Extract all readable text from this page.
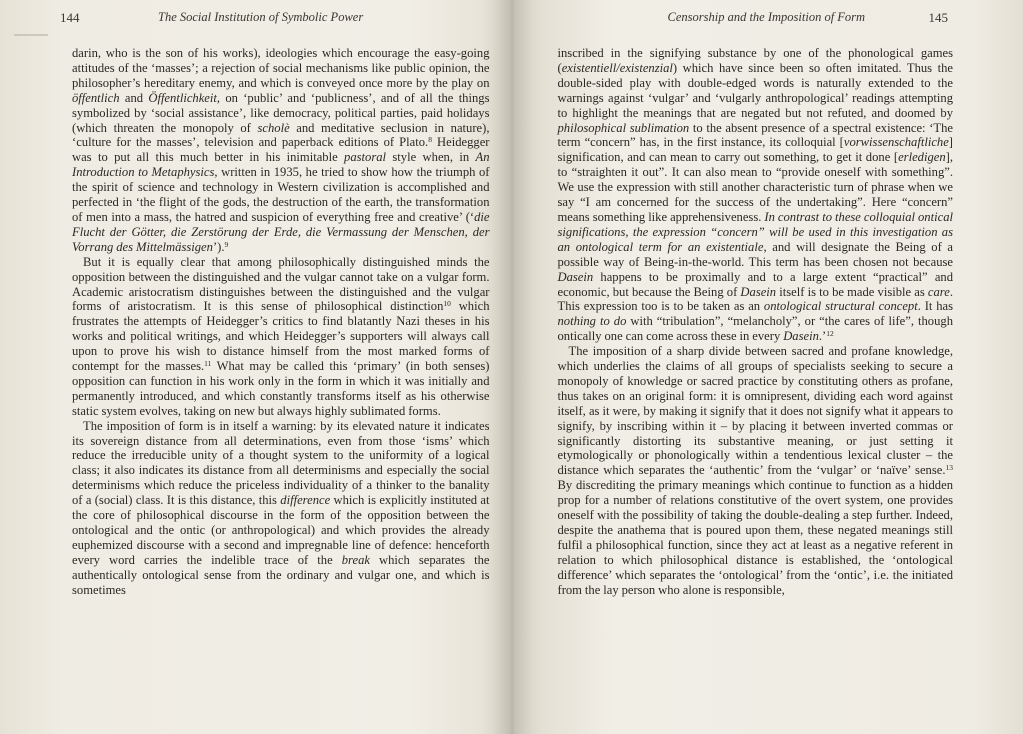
144	The Social Institution of Symbolic Power

darin, who is the son of his works), ideologies which encourage the easy-going attitudes of the ‘masses’; a rejection of social mechanisms like public opinion, the philosopher’s hereditary enemy, and which is conveyed once more by the play on öffentlich and Öffentlichkeit, on ‘public’ and ‘publicness’, and of all the things symbolized by ‘social assistance’, like democracy, political parties, paid holidays (which threaten the monopoly of scholè and meditative seclusion in nature), ‘culture for the masses’, television and paperback editions of Plato.$^8$ Heidegger was to put all this much better in his inimitable pastoral style when, in An Introduction to Metaphysics, written in 1935, he tried to show how the triumph of the spirit of science and technology in Western civilization is accomplished and perfected in ‘the flight of the gods, the destruction of the earth, the transformation of men into a mass, the hatred and suspicion of everything free and creative’ (‘die Flucht der Götter, die Zerstörung der Erde, die Vermassung der Menschen, der Vorrang des Mittelmässigen’).$^9$

But it is equally clear that among philosophically distinguished minds the opposition between the distinguished and the vulgar cannot take on a vulgar form. Academic aristocratism distinguishes between the distinguished and the vulgar forms of aristocratism. It is this sense of philosophical distinction$^{10}$ which frustrates the attempts of Heidegger’s critics to find blatantly Nazi theses in his works and political writings, and which Heidegger’s supporters will always call upon to prove his wish to distance himself from the most marked forms of contempt for the masses.$^{11}$ What may be called this ‘primary’ (in both senses) opposition can function in his work only in the form in which it was initially and permanently introduced, and which constantly transforms itself as his otherwise static system evolves, taking on new but always highly sublimated forms.

The imposition of form is in itself a warning: by its elevated nature it indicates its sovereign distance from all determinations, even from those ‘isms’ which reduce the irreducible unity of a thought system to the uniformity of a logical class; it also indicates its distance from all determinisms and especially the social determinisms which reduce the priceless individuality of a thinker to the banality of a (social) class. It is this distance, this difference which is explicitly instituted at the core of philosophical discourse in the form of the opposition between the ontological and the ontic (or anthropological) and which provides the already euphemized discourse with a second and impregnable line of defence: henceforth every word carries the indelible trace of the break which separates the authentically ontological sense from the ordinary and vulgar one, and which is sometimes

Censorship and the Imposition of Form	145

inscribed in the signifying substance by one of the phonological games (existentiell/existenzial) which have since been so often imitated. Thus the double-sided play with double-edged words is naturally extended to the warnings against ‘vulgar’ and ‘vulgarly anthropological’ readings attempting to highlight the meanings that are negated but not refuted, and doomed by philosophical sublimation to the absent presence of a spectral existence: ‘The term “concern” has, in the first instance, its colloquial [vorwissenschaftliche] signification, and can mean to carry out something, to get it done [erledigen], to “straighten it out”. It can also mean to “provide oneself with something”. We use the expression with still another characteristic turn of phrase when we say “I am concerned for the success of the undertaking”. Here “concern” means something like apprehensiveness. In contrast to these colloquial ontical significations, the expression “concern” will be used in this investigation as an ontological term for an existentiale, and will designate the Being of a possible way of Being-in-the-world. This term has been chosen not because Dasein happens to be proximally and to a large extent “practical” and economic, but because the Being of Dasein itself is to be made visible as care. This expression too is to be taken as an ontological structural concept. It has nothing to do with “tribulation”, “melancholy”, or “the cares of life”, though ontically one can come across these in every Dasein.’$^{12}$

The imposition of a sharp divide between sacred and profane knowledge, which underlies the claims of all groups of specialists seeking to secure a monopoly of knowledge or sacred practice by constituting others as profane, thus takes on an original form: it is omnipresent, dividing each word against itself, as it were, by making it signify that it does not signify what it appears to signify, by inscribing within it – by placing it between inverted commas or significantly distorting its substantive meaning, or just setting it etymologically or phonologically within a tendentious lexical cluster – the distance which separates the ‘authentic’ from the ‘vulgar’ or ‘naïve’ sense.$^{13}$ By discrediting the primary meanings which continue to function as a hidden prop for a number of relations constitutive of the overt system, one provides oneself with the possibility of taking the double-dealing a step further. Indeed, despite the anathema that is poured upon them, these negated meanings still fulfil a philosophical function, since they act at least as a negative referent in relation to which philosophical distance is established, the ‘ontological difference’ which separates the ‘ontological’ from the ‘ontic’, i.e. the initiated from the lay person who alone is responsible,
